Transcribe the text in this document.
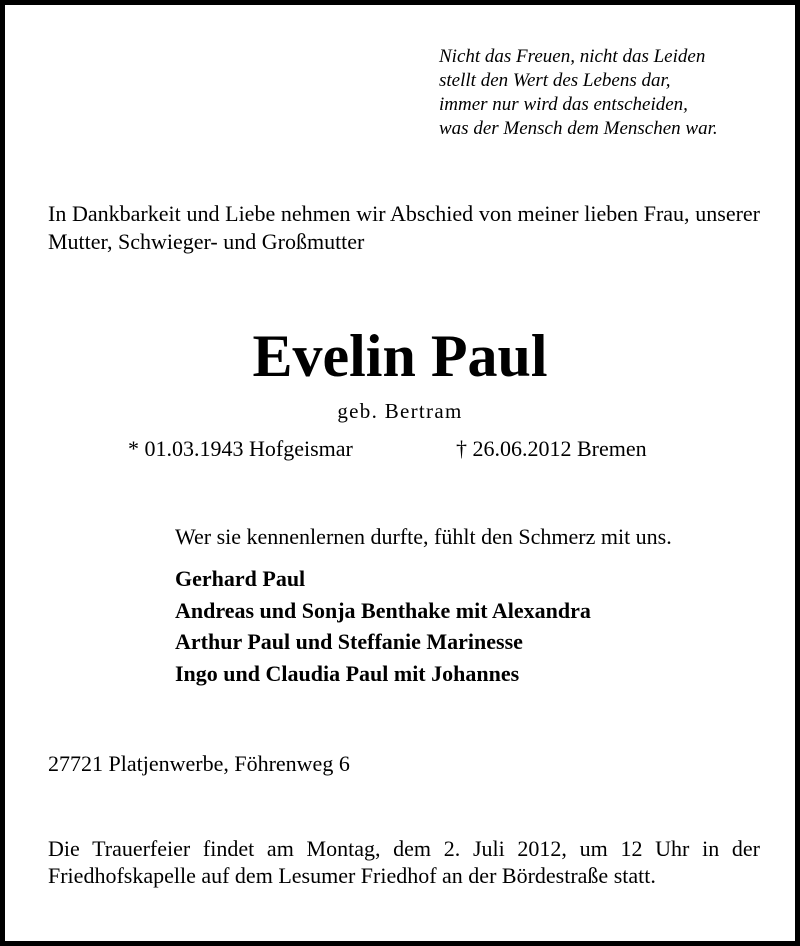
Nicht das Freuen, nicht das Leiden
stellt den Wert des Lebens dar,
immer nur wird das entscheiden,
was der Mensch dem Menschen war.
In Dankbarkeit und Liebe nehmen wir Abschied von meiner lieben Frau, unserer Mutter, Schwieger- und Großmutter
Evelin Paul
geb. Bertram
* 01.03.1943 Hofgeismar	† 26.06.2012 Bremen
Wer sie kennenlernen durfte, fühlt den Schmerz mit uns.
Gerhard Paul
Andreas und Sonja Benthake mit Alexandra
Arthur Paul und Steffanie Marinesse
Ingo und Claudia Paul mit Johannes
27721 Platjenwerbe, Föhrenweg 6
Die Trauerfeier findet am Montag, dem 2. Juli 2012, um 12 Uhr in der Friedhofskapelle auf dem Lesumer Friedhof an der Bördestraße statt.
